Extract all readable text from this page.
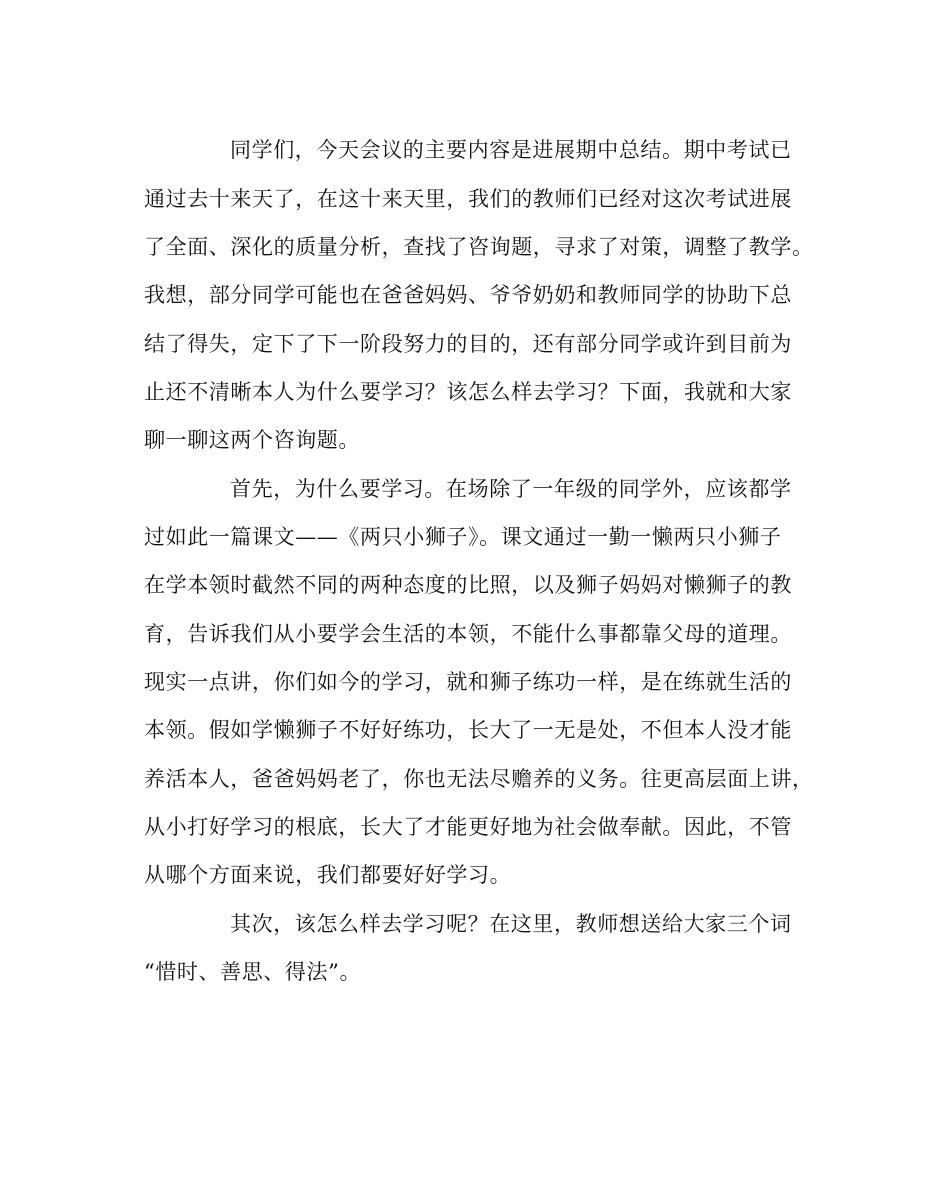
同学们，今天会议的主要内容是进展期中总结。期中考试已
通过去十来天了，在这十来天里，我们的教师们已经对这次考试进展
了全面、深化的质量分析，查找了咨询题，寻求了对策，调整了教学。
我想，部分同学可能也在爸爸妈妈、爷爷奶奶和教师同学的协助下总
结了得失，定下了下一阶段努力的目的，还有部分同学或许到目前为
止还不清晰本人为什么要学习？该怎么样去学习？下面，我就和大家
聊一聊这两个咨询题。
首先，为什么要学习。在场除了一年级的同学外，应该都学
过如此一篇课文——《两只小狮子》。课文通过一勤一懒两只小狮子
在学本领时截然不同的两种态度的比照，以及狮子妈妈对懒狮子的教
育，告诉我们从小要学会生活的本领，不能什么事都靠父母的道理。
现实一点讲，你们如今的学习，就和狮子练功一样，是在练就生活的
本领。假如学懒狮子不好好练功，长大了一无是处，不但本人没才能
养活本人，爸爸妈妈老了，你也无法尽赡养的义务。往更高层面上讲，
从小打好学习的根底，长大了才能更好地为社会做奉献。因此，不管
从哪个方面来说，我们都要好好学习。
其次，该怎么样去学习呢？在这里，教师想送给大家三个词
“惜时、善思、得法”。
